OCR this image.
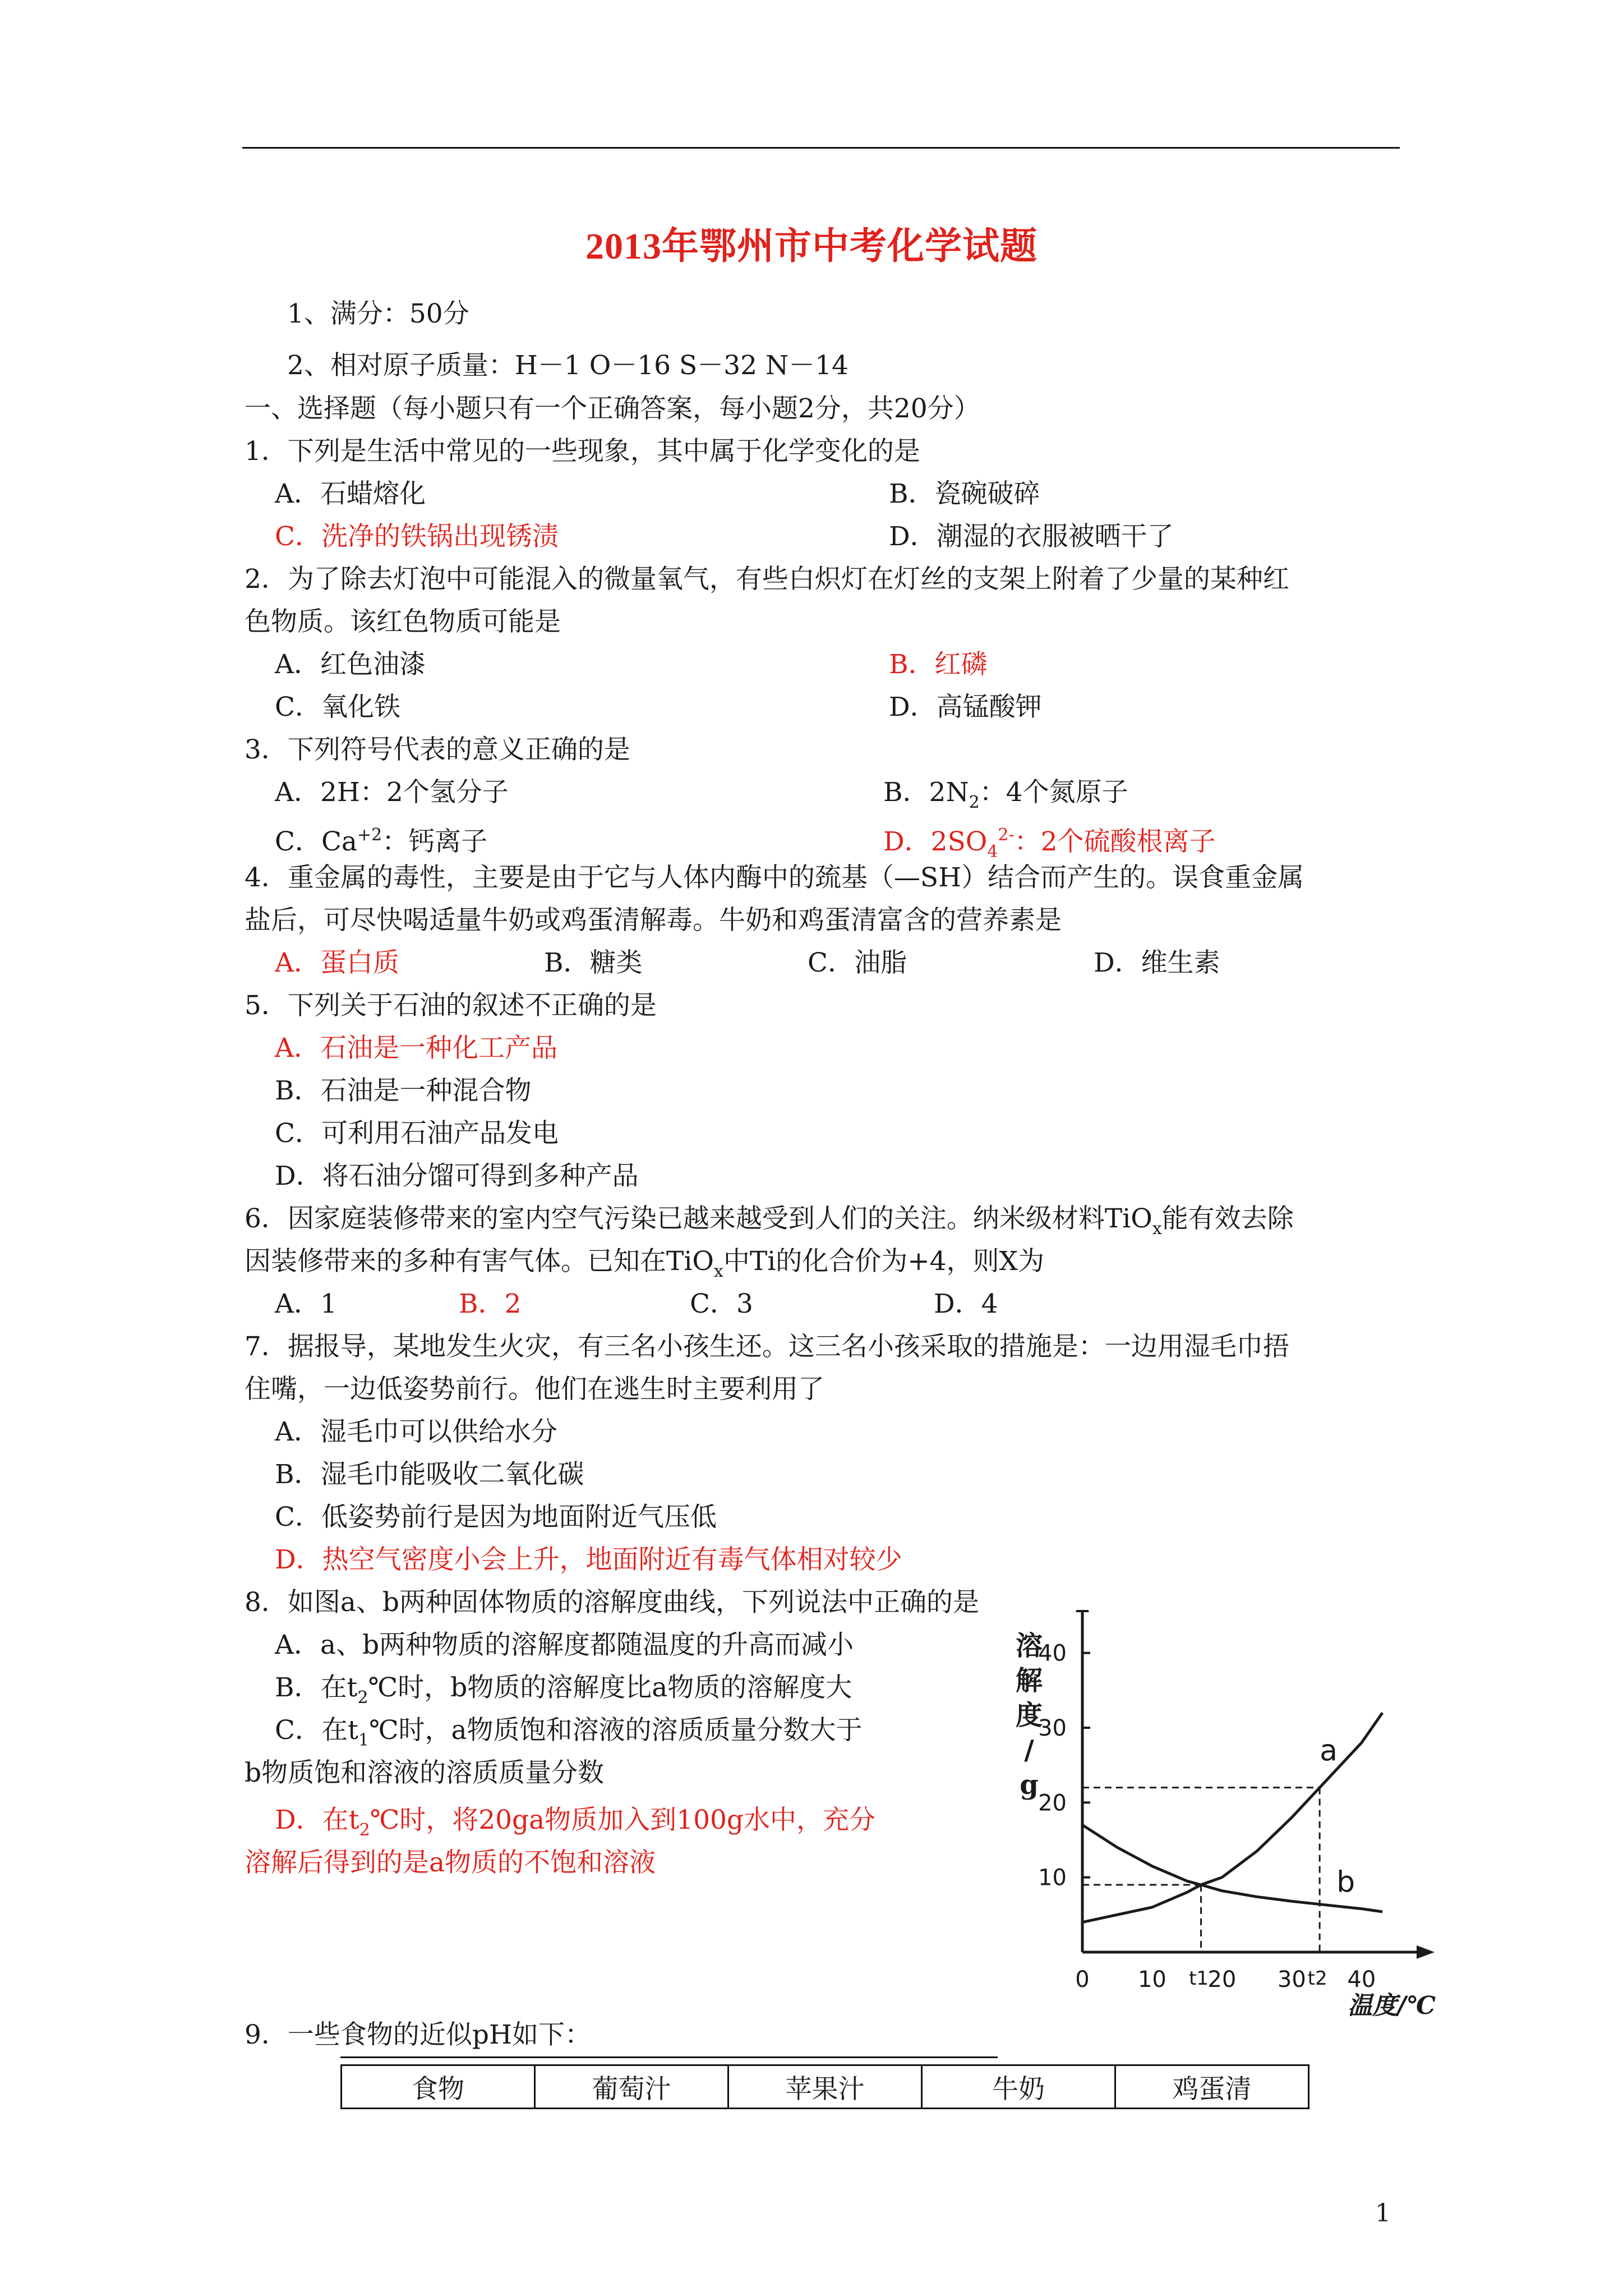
2013年鄂州市中考化学试题
1、满分：50分
2、相对原子质量：H－1 O－16 S－32 N－14
一、选择题（每小题只有一个正确答案，每小题2分，共20分）
1．下列是生活中常见的一些现象，其中属于化学变化的是
A．石蜡熔化	B．瓷碗破碎
C．洗净的铁锅出现锈渍	D．潮湿的衣服被晒干了
2．为了除去灯泡中可能混入的微量氧气，有些白炽灯在灯丝的支架上附着了少量的某种红
色物质。该红色物质可能是
A．红色油漆	B．红磷
C．氧化铁	D．高锰酸钾
3．下列符号代表的意义正确的是
A．2H：2个氢分子	B．$2N_2$：4个氮原子
C．$Ca^{+2}$：钙离子	D．$2SO_4^{2-}$：2个硫酸根离子
4．重金属的毒性，主要是由于它与人体内酶中的巯基（—SH）结合而产生的。误食重金属
盐后，可尽快喝适量牛奶或鸡蛋清解毒。牛奶和鸡蛋清富含的营养素是
A．蛋白质	B．糖类	C．油脂	D．维生素
5．下列关于石油的叙述不正确的是
A．石油是一种化工产品
B．石油是一种混合物
C．可利用石油产品发电
D．将石油分馏可得到多种产品
6．因家庭装修带来的室内空气污染已越来越受到人们的关注。纳米级材料TiO$_x$能有效去除
因装修带来的多种有害气体。已知在TiO$_x$中Ti的化合价为+4，则X为
A．1	B．2	C．3	D．4
7．据报导，某地发生火灾，有三名小孩生还。这三名小孩采取的措施是：一边用湿毛巾捂
住嘴，一边低姿势前行。他们在逃生时主要利用了
A．湿毛巾可以供给水分
B．湿毛巾能吸收二氧化碳
C．低姿势前行是因为地面附近气压低
D．热空气密度小会上升，地面附近有毒气体相对较少
8．如图a、b两种固体物质的溶解度曲线，下列说法中正确的是
A．a、b两种物质的溶解度都随温度的升高而减小
B．在$t_2℃$时，b物质的溶解度比a物质的溶解度大
C．在$t_1℃$时，a物质饱和溶液的溶质质量分数大于
b物质饱和溶液的溶质质量分数
D．在$t_2℃$时，将20ga物质加入到100g水中，充分
溶解后得到的是a物质的不饱和溶液	10
20
30
40
0 10 20 30 40
t1	t2
溶
解
度
/
g
温度/℃
a
b
9．一些食物的近似pH如下：
食物	葡萄汁	苹果汁	牛奶	鸡蛋清
1
